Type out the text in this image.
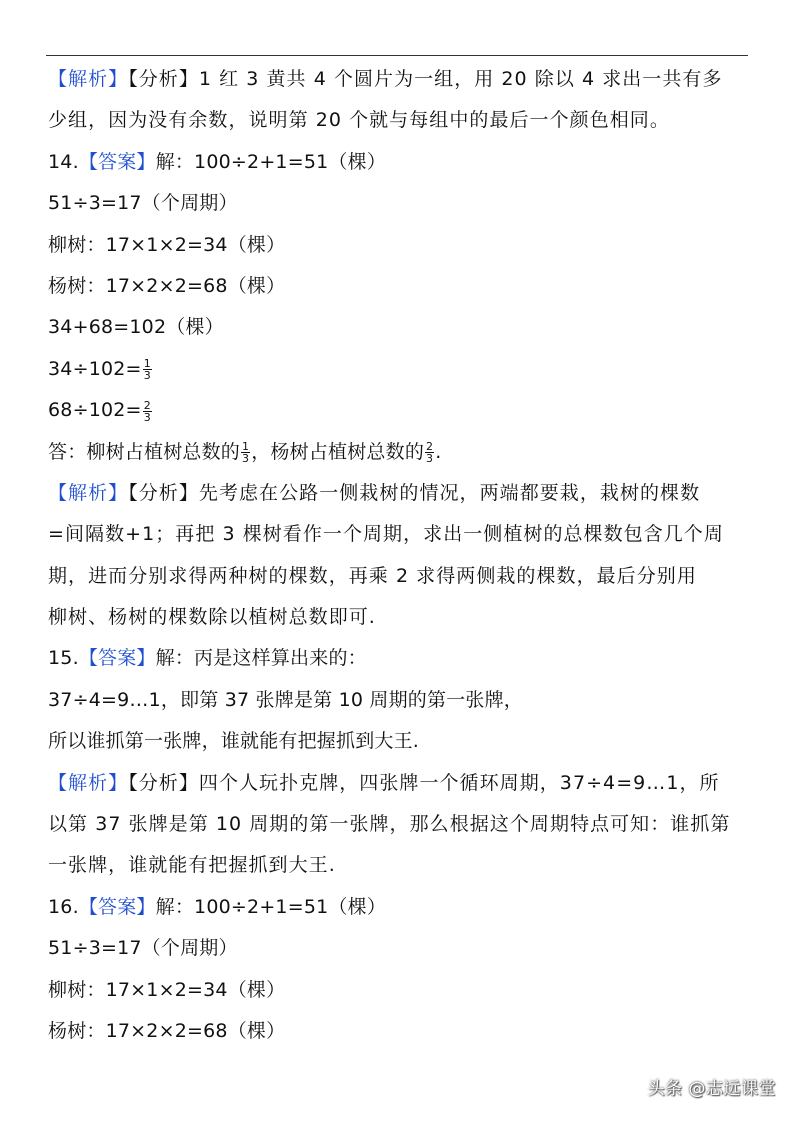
【解析】【分析】1 红 3 黄共 4 个圆片为一组，用 20 除以 4 求出一共有多
少组，因为没有余数，说明第 20 个就与每组中的最后一个颜色相同。
14.【答案】解：100÷2+1=51（棵）
51÷3=17（个周期）
柳树：17×1×2=34（棵）
杨树：17×2×2=68（棵）
34+68=102（棵）
$34\div 102= \frac{1}{3}$
$68\div 102= \frac{2}{3}$
答：柳树占植树总数的 $\frac{1}{3}$ ，杨树占植树总数的 $\frac{2}{3}$ .
【解析】【分析】先考虑在公路一侧栽树的情况，两端都要栽，栽树的棵数
=间隔数+1；再把 3 棵树看作一个周期，求出一侧植树的总棵数包含几个周
期，进而分别求得两种树的棵数，再乘 2 求得两侧栽的棵数，最后分别用
柳树、杨树的棵数除以植树总数即可.
15.【答案】解：丙是这样算出来的：
37÷4=9…1，即第 37 张牌是第 10 周期的第一张牌，
所以谁抓第一张牌，谁就能有把握抓到大王.
【解析】【分析】四个人玩扑克牌，四张牌一个循环周期，37÷4=9…1，所
以第 37 张牌是第 10 周期的第一张牌，那么根据这个周期特点可知：谁抓第
一张牌，谁就能有把握抓到大王.
16.【答案】解：100÷2+1=51（棵）
51÷3=17（个周期）
柳树：17×1×2=34（棵）
杨树：17×2×2=68（棵）
头条 @志远课堂
